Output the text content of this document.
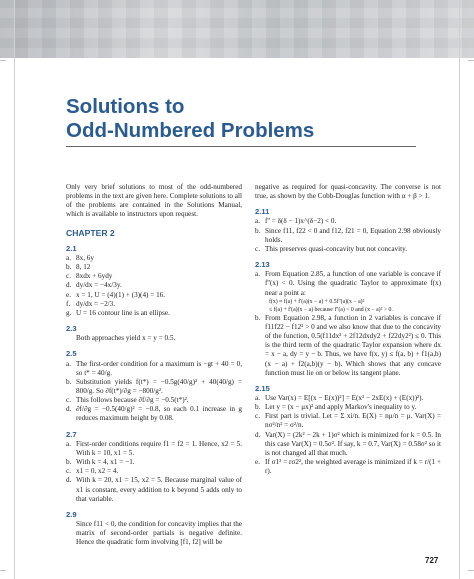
Solutions to
Odd-Numbered Problems

Only very brief solutions to most of the odd-numbered problems in the text are given here. Complete solutions to all of the problems are contained in the Solutions Manual, which is available to instructors upon request.

CHAPTER 2
2.1
a. 8x, 6y
b. 8, 12
c. 8xdx + 6ydy
d. dy/dx = −4x/3y.
e. x = 1, U = (4)(1) + (3)(4) = 16.
f. dy/dx = −2/3.
g. U = 16 contour line is an ellipse.
2.3
Both approaches yield x = y = 0.5.
2.5
a. The first-order condition for a maximum is −gt + 40 = 0, so t* = 40/g.
b. Substitution yields f(t*) = −0.5g(40/g)² + 40(40/g) = 800/g. So ∂f(t*)/∂g = −800/g².
c. This follows because ∂f/∂g = −0.5(t*)².
d. ∂f/∂g = −0.5(40/g)² = −0.8, so each 0.1 increase in g reduces maximum height by 0.08.
2.7
a. First-order conditions require f1 = f2 = 1. Hence, x2 = 5. With k = 10, x1 = 5.
b. With k = 4, x1 = −1.
c. x1 = 0, x2 = 4.
d. With k = 20, x1 = 15, x2 = 5. Because marginal value of x1 is constant, every addition to k beyond 5 adds only to that variable.
2.9
Since f11 < 0, the condition for concavity implies that the matrix of second-order partials is negative definite. Hence the quadratic form involving [f1, f2] will be

negative as required for quasi-concavity. The converse is not true, as shown by the Cobb-Douglas function with α + β > 1.

2.11
a. f'' = δ(δ − 1)x^(δ−2) < 0.
b. Since f11, f22 < 0 and f12, f21 = 0, Equation 2.98 obviously holds.
c. This preserves quasi-concavity but not concavity.
2.13
a. From Equation 2.85, a function of one variable is concave if f''(x) < 0. Using the quadratic Taylor to approximate f(x) near a point a:
f(x) ≈ f(a) + f'(a)(x − a) + 0.5f''(a)(x − a)²
≤ f(a) + f'(a)(x − a) because f''(a) < 0 and (x − a)² > 0.
b. From Equation 2.98, a function in 2 variables is concave if f11f22 − f12² > 0 and we also know that due to the concavity of the function, 0.5(f11dx² + 2f12dxdy2 + f22dy2²) ≤ 0. This is the third term of the quadratic Taylor expansion where dx = x − a, dy = y − b. Thus, we have f(x, y) ≤ f(a, b) + f1(a,b)(x − a) + f2(a,b)(y − b). Which shows that any concave function must lie on or below its tangent plane.
2.15
a. Use Var(x) = E[(x − E(x))²] = E(x² − 2xE(x) + (E(x))²).
b. Let y = (x − μx)² and apply Markov's inequality to y.
c. First part is trivial. Let = Σ xi/n. E(X) = nμ/n = μ. Var(X) = nσ²/n² = σ²/n.
d. Var(X) = (2k² − 2k + 1)σ² which is minimized for k = 0.5. In this case Var(X) = 0.5σ². If say, k = 0.7, Var(X) = 0.58σ² so it is not changed all that much.
e. If σ1² = rσ2², the weighted average is minimized if k = r/(1 + r).
727
